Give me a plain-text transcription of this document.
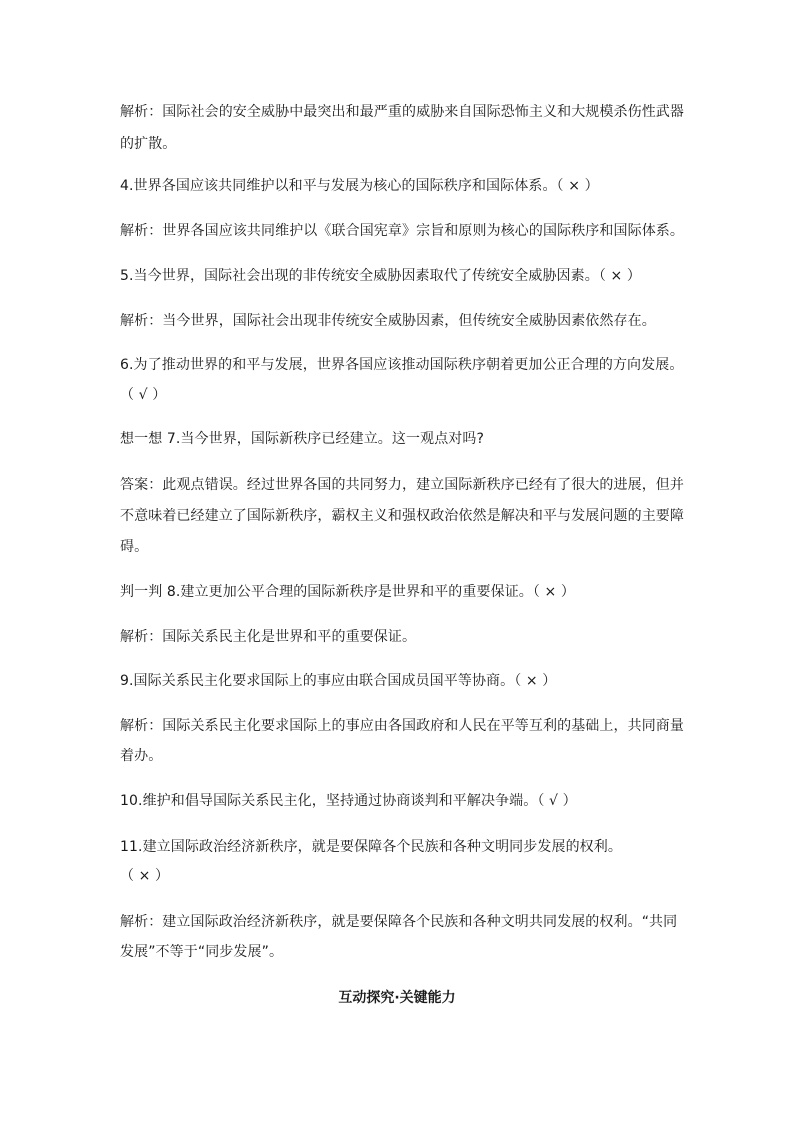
解析：国际社会的安全威胁中最突出和最严重的威胁来自国际恐怖主义和大规模杀伤性武器
的扩散。
4.世界各国应该共同维护以和平与发展为核心的国际秩序和国际体系。（ × ）
解析：世界各国应该共同维护以《联合国宪章》宗旨和原则为核心的国际秩序和国际体系。
5.当今世界，国际社会出现的非传统安全威胁因素取代了传统安全威胁因素。（ × ）
解析：当今世界，国际社会出现非传统安全威胁因素，但传统安全威胁因素依然存在。
6.为了推动世界的和平与发展，世界各国应该推动国际秩序朝着更加公正合理的方向发展。
（ √ ）
想一想 7.当今世界，国际新秩序已经建立。这一观点对吗?
答案：此观点错误。经过世界各国的共同努力，建立国际新秩序已经有了很大的进展，但并
不意味着已经建立了国际新秩序，霸权主义和强权政治依然是解决和平与发展问题的主要障
碍。
判一判 8.建立更加公平合理的国际新秩序是世界和平的重要保证。（ × ）
解析：国际关系民主化是世界和平的重要保证。
9.国际关系民主化要求国际上的事应由联合国成员国平等协商。（ × ）
解析：国际关系民主化要求国际上的事应由各国政府和人民在平等互利的基础上，共同商量
着办。
10.维护和倡导国际关系民主化，坚持通过协商谈判和平解决争端。（ √ ）
11.建立国际政治经济新秩序，就是要保障各个民族和各种文明同步发展的权利。
（ × ）
解析：建立国际政治经济新秩序，就是要保障各个民族和各种文明共同发展的权利。“共同
发展”不等于“同步发展”。
互动探究·关键能力
